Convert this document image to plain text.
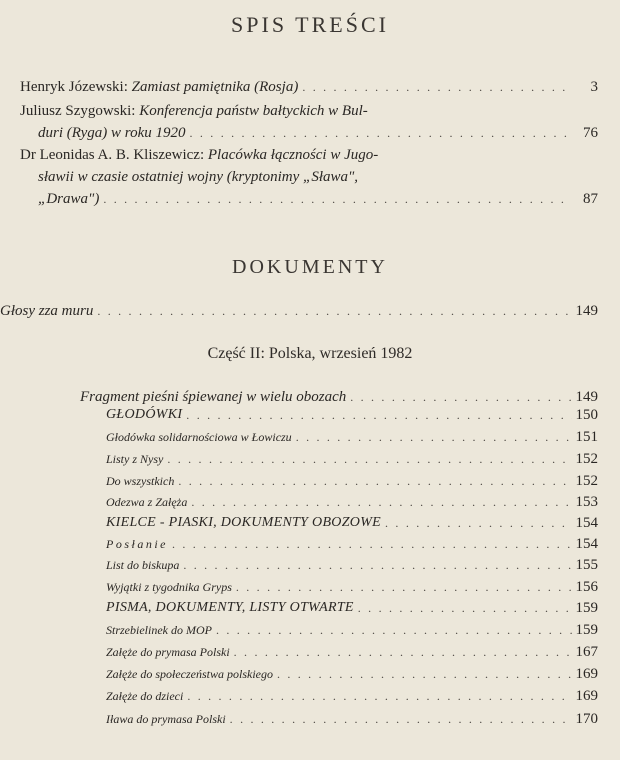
SPIS TREŚCI
Henryk Józewski: Zamiast pamiętnika (Rosja) . . .	3
Juliusz Szygowski: Konferencja państw bałtyckich w Bul-
duri (Ryga) w roku 1920 . . .	76
Dr Leonidas A. B. Kliszewicz: Placówka łączności w Jugo-
sławii w czasie ostatniej wojny (kryptonimy „Sława",
„Drawa") . . .	87
DOKUMENTY
Głosy zza muru . . .	149
Część II: Polska, wrzesień 1982
Fragment pieśni śpiewanej w wielu obozach . . .	149
GŁODÓWKI . . .	150
Głodówka solidarnościowa w Łowiczu . . .	151
Listy z Nysy . . .	152
Do wszystkich . . .	152
Odezwa z Załęża . . .	153
KIELCE - PIASKI, DOKUMENTY OBOZOWE . . .	154
Posłanie . . .	154
List do biskupa . . .	155
Wyjątki z tygodnika Gryps . . .	156
PISMA, DOKUMENTY, LISTY OTWARTE . . .	159
Strzebielinek do MOP . . .	159
Załęże do prymasa Polski . . .	167
Załęże do społeczeństwa polskiego . . .	169
Załęże do dzieci . . .	169
Iława do prymasa Polski . . .	170
